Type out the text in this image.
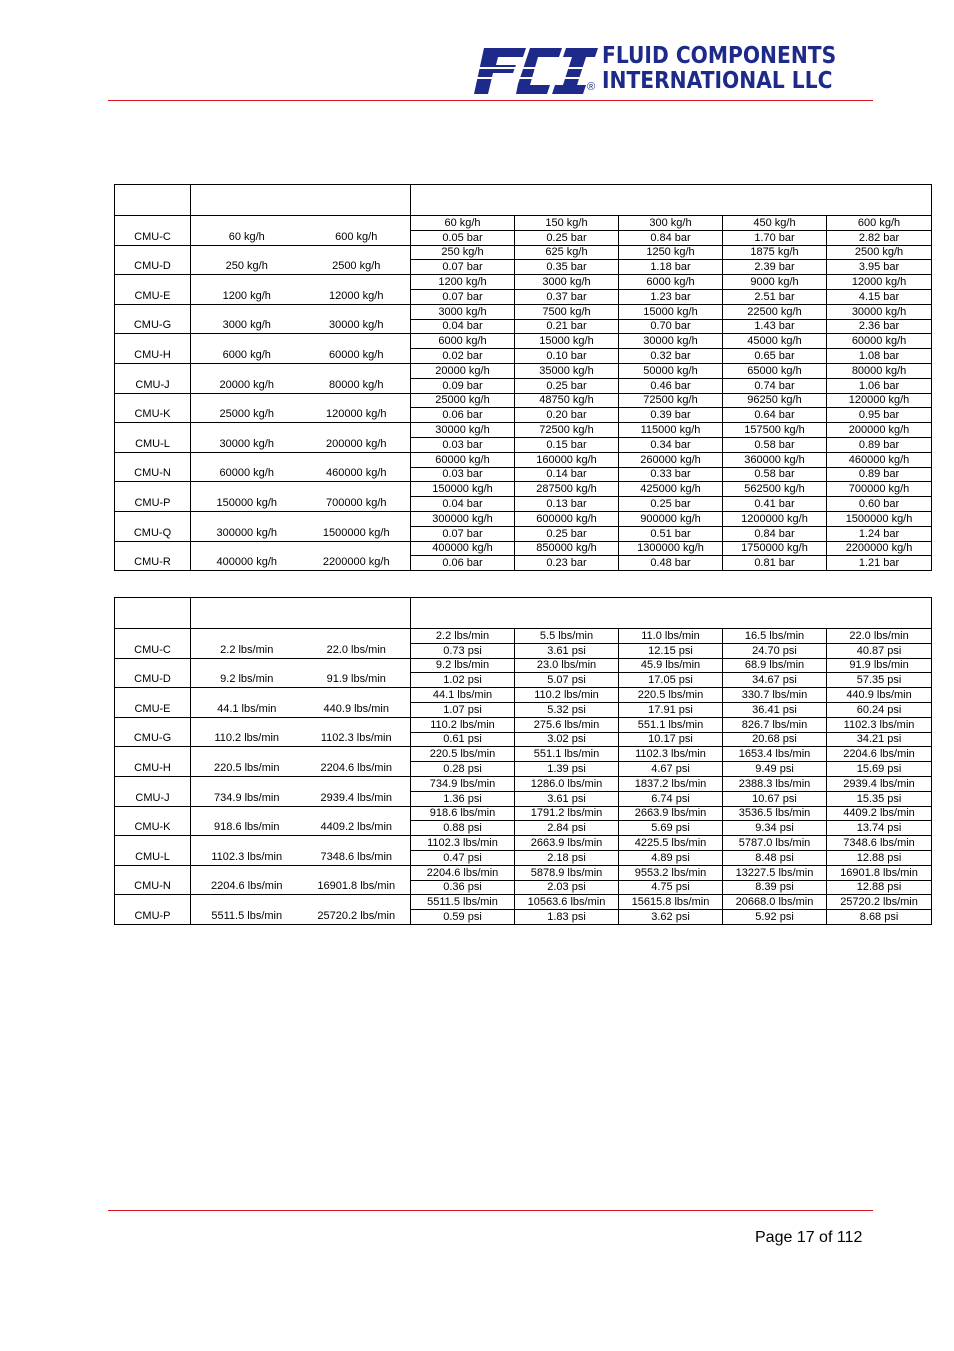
®
FLUID COMPONENTS
INTERNATIONAL LLC

CMU-C	60 kg/h	600 kg/h	60 kg/h	150 kg/h	300 kg/h	450 kg/h	600 kg/h
			0.05 bar	0.25 bar	0.84 bar	1.70 bar	2.82 bar
CMU-D	250 kg/h	2500 kg/h	250 kg/h	625 kg/h	1250 kg/h	1875 kg/h	2500 kg/h
			0.07 bar	0.35 bar	1.18 bar	2.39 bar	3.95 bar
CMU-E	1200 kg/h	12000 kg/h	1200 kg/h	3000 kg/h	6000 kg/h	9000 kg/h	12000 kg/h
			0.07 bar	0.37 bar	1.23 bar	2.51 bar	4.15 bar
CMU-G	3000 kg/h	30000 kg/h	3000 kg/h	7500 kg/h	15000 kg/h	22500 kg/h	30000 kg/h
			0.04 bar	0.21 bar	0.70 bar	1.43 bar	2.36 bar
CMU-H	6000 kg/h	60000 kg/h	6000 kg/h	15000 kg/h	30000 kg/h	45000 kg/h	60000 kg/h
			0.02 bar	0.10 bar	0.32 bar	0.65 bar	1.08 bar
CMU-J	20000 kg/h	80000 kg/h	20000 kg/h	35000 kg/h	50000 kg/h	65000 kg/h	80000 kg/h
			0.09 bar	0.25 bar	0.46 bar	0.74 bar	1.06 bar
CMU-K	25000 kg/h	120000 kg/h	25000 kg/h	48750 kg/h	72500 kg/h	96250 kg/h	120000 kg/h
			0.06 bar	0.20 bar	0.39 bar	0.64 bar	0.95 bar
CMU-L	30000 kg/h	200000 kg/h	30000 kg/h	72500 kg/h	115000 kg/h	157500 kg/h	200000 kg/h
			0.03 bar	0.15 bar	0.34 bar	0.58 bar	0.89 bar
CMU-N	60000 kg/h	460000 kg/h	60000 kg/h	160000 kg/h	260000 kg/h	360000 kg/h	460000 kg/h
			0.03 bar	0.14 bar	0.33 bar	0.58 bar	0.89 bar
CMU-P	150000 kg/h	700000 kg/h	150000 kg/h	287500 kg/h	425000 kg/h	562500 kg/h	700000 kg/h
			0.04 bar	0.13 bar	0.25 bar	0.41 bar	0.60 bar
CMU-Q	300000 kg/h	1500000 kg/h	300000 kg/h	600000 kg/h	900000 kg/h	1200000 kg/h	1500000 kg/h
			0.07 bar	0.25 bar	0.51 bar	0.84 bar	1.24 bar
CMU-R	400000 kg/h	2200000 kg/h	400000 kg/h	850000 kg/h	1300000 kg/h	1750000 kg/h	2200000 kg/h
			0.06 bar	0.23 bar	0.48 bar	0.81 bar	1.21 bar

CMU-C	2.2 lbs/min	22.0 lbs/min	2.2 lbs/min	5.5 lbs/min	11.0 lbs/min	16.5 lbs/min	22.0 lbs/min
			0.73 psi	3.61 psi	12.15 psi	24.70 psi	40.87 psi
CMU-D	9.2 lbs/min	91.9 lbs/min	9.2 lbs/min	23.0 lbs/min	45.9 lbs/min	68.9 lbs/min	91.9 lbs/min
			1.02 psi	5.07 psi	17.05 psi	34.67 psi	57.35 psi
CMU-E	44.1 lbs/min	440.9 lbs/min	44.1 lbs/min	110.2 lbs/min	220.5 lbs/min	330.7 lbs/min	440.9 lbs/min
			1.07 psi	5.32 psi	17.91 psi	36.41 psi	60.24 psi
CMU-G	110.2 lbs/min	1102.3 lbs/min	110.2 lbs/min	275.6 lbs/min	551.1 lbs/min	826.7 lbs/min	1102.3 lbs/min
			0.61 psi	3.02 psi	10.17 psi	20.68 psi	34.21 psi
CMU-H	220.5 lbs/min	2204.6 lbs/min	220.5 lbs/min	551.1 lbs/min	1102.3 lbs/min	1653.4 lbs/min	2204.6 lbs/min
			0.28 psi	1.39 psi	4.67 psi	9.49 psi	15.69 psi
CMU-J	734.9 lbs/min	2939.4 lbs/min	734.9 lbs/min	1286.0 lbs/min	1837.2 lbs/min	2388.3 lbs/min	2939.4 lbs/min
			1.36 psi	3.61 psi	6.74 psi	10.67 psi	15.35 psi
CMU-K	918.6 lbs/min	4409.2 lbs/min	918.6 lbs/min	1791.2 lbs/min	2663.9 lbs/min	3536.5 lbs/min	4409.2 lbs/min
			0.88 psi	2.84 psi	5.69 psi	9.34 psi	13.74 psi
CMU-L	1102.3 lbs/min	7348.6 lbs/min	1102.3 lbs/min	2663.9 lbs/min	4225.5 lbs/min	5787.0 lbs/min	7348.6 lbs/min
			0.47 psi	2.18 psi	4.89 psi	8.48 psi	12.88 psi
CMU-N	2204.6 lbs/min	16901.8 lbs/min	2204.6 lbs/min	5878.9 lbs/min	9553.2 lbs/min	13227.5 lbs/min	16901.8 lbs/min
			0.36 psi	2.03 psi	4.75 psi	8.39 psi	12.88 psi
CMU-P	5511.5 lbs/min	25720.2 lbs/min	5511.5 lbs/min	10563.6 lbs/min	15615.8 lbs/min	20668.0 lbs/min	25720.2 lbs/min
			0.59 psi	1.83 psi	3.62 psi	5.92 psi	8.68 psi
Page 17 of 112
